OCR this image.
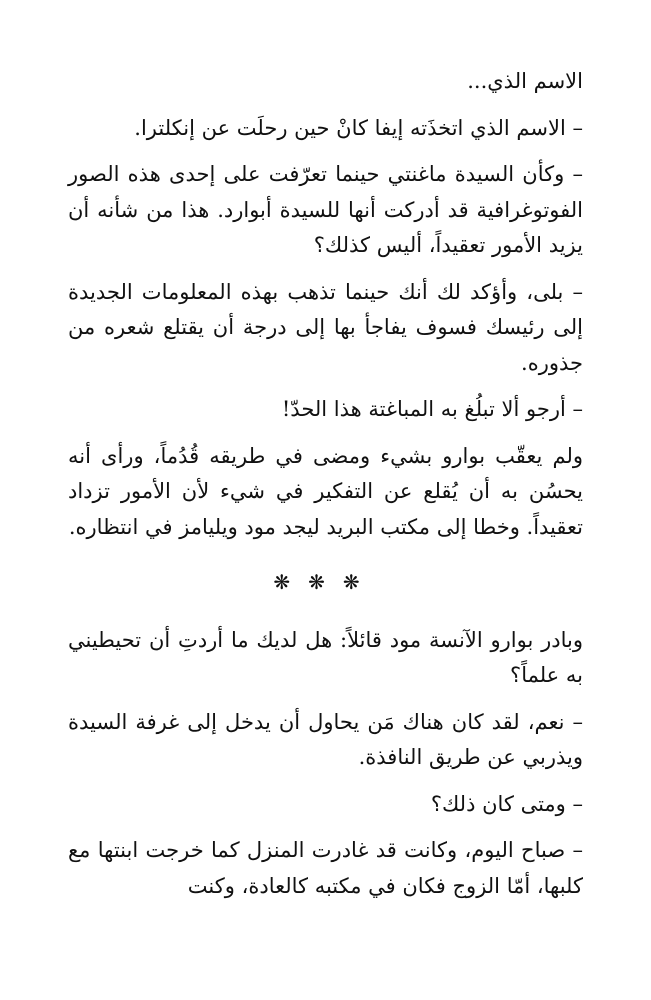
الاسم الذي...

– الاسم الذي اتخذَته إيفا كانْ حين رحلَت عن إنكلترا.

– وكأن السيدة ماغنتي حينما تعرّفت على إحدى هذه الصور الفوتوغرافية قد أدركت أنها للسيدة أبوارد. هذا من شأنه أن يزيد الأمور تعقيداً، أليس كذلك؟

– بلى، وأؤكد لك أنك حينما تذهب بهذه المعلومات الجديدة إلى رئيسك فسوف يفاجأ بها إلى درجة أن يقتلع شعره من جذوره.

– أرجو ألا تبلُغ به المباغتة هذا الحدّ!

ولم يعقّب بوارو بشيء ومضى في طريقه قُدُماً، ورأى أنه يحسُن به أن يُقلع عن التفكير في شيء لأن الأمور تزداد تعقيداً. وخطا إلى مكتب البريد ليجد مود ويليامز في انتظاره.

❋❋❋

وبادر بوارو الآنسة مود قائلاً: هل لديك ما أردتِ أن تحيطيني به علماً؟

– نعم، لقد كان هناك مَن يحاول أن يدخل إلى غرفة السيدة ويذربي عن طريق النافذة.

– ومتى كان ذلك؟

– صباح اليوم، وكانت قد غادرت المنزل كما خرجت ابنتها مع كلبها، أمّا الزوج فكان في مكتبه كالعادة، وكنت
